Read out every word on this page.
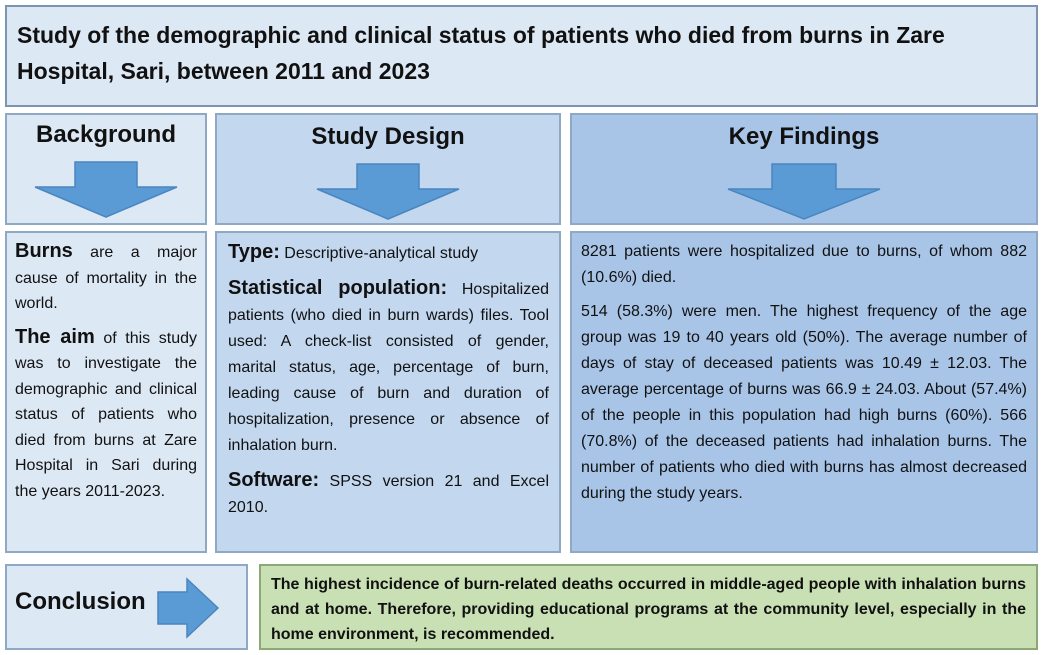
Study of the demographic and clinical status of patients who died from burns in Zare Hospital, Sari, between 2011 and 2023
Background	Study Design	Key Findings

Burns are a major cause of mortality in the world.

The aim of this study was to investigate the demographic and clinical status of patients who died from burns at Zare Hospital in Sari during the years 2011-2023.

Type: Descriptive-analytical study

Statistical population: Hospitalized patients (who died in burn wards) files. Tool used: A check-list consisted of gender, marital status, age, percentage of burn, leading cause of burn and duration of hospitalization, presence or absence of inhalation burn.

Software: SPSS version 21 and Excel 2010.

8281 patients were hospitalized due to burns, of whom 882 (10.6%) died.

514 (58.3%) were men. The highest frequency of the age group was 19 to 40 years old (50%). The average number of days of stay of deceased patients was 10.49 ± 12.03. The average percentage of burns was 66.9 ± 24.03. About (57.4%) of the people in this population had high burns (60%). 566 (70.8%) of the deceased patients had inhalation burns. The number of patients who died with burns has almost decreased during the study years.

Conclusion
The highest incidence of burn-related deaths occurred in middle-aged people with inhalation burns and at home. Therefore, providing educational programs at the community level, especially in the home environment, is recommended.
